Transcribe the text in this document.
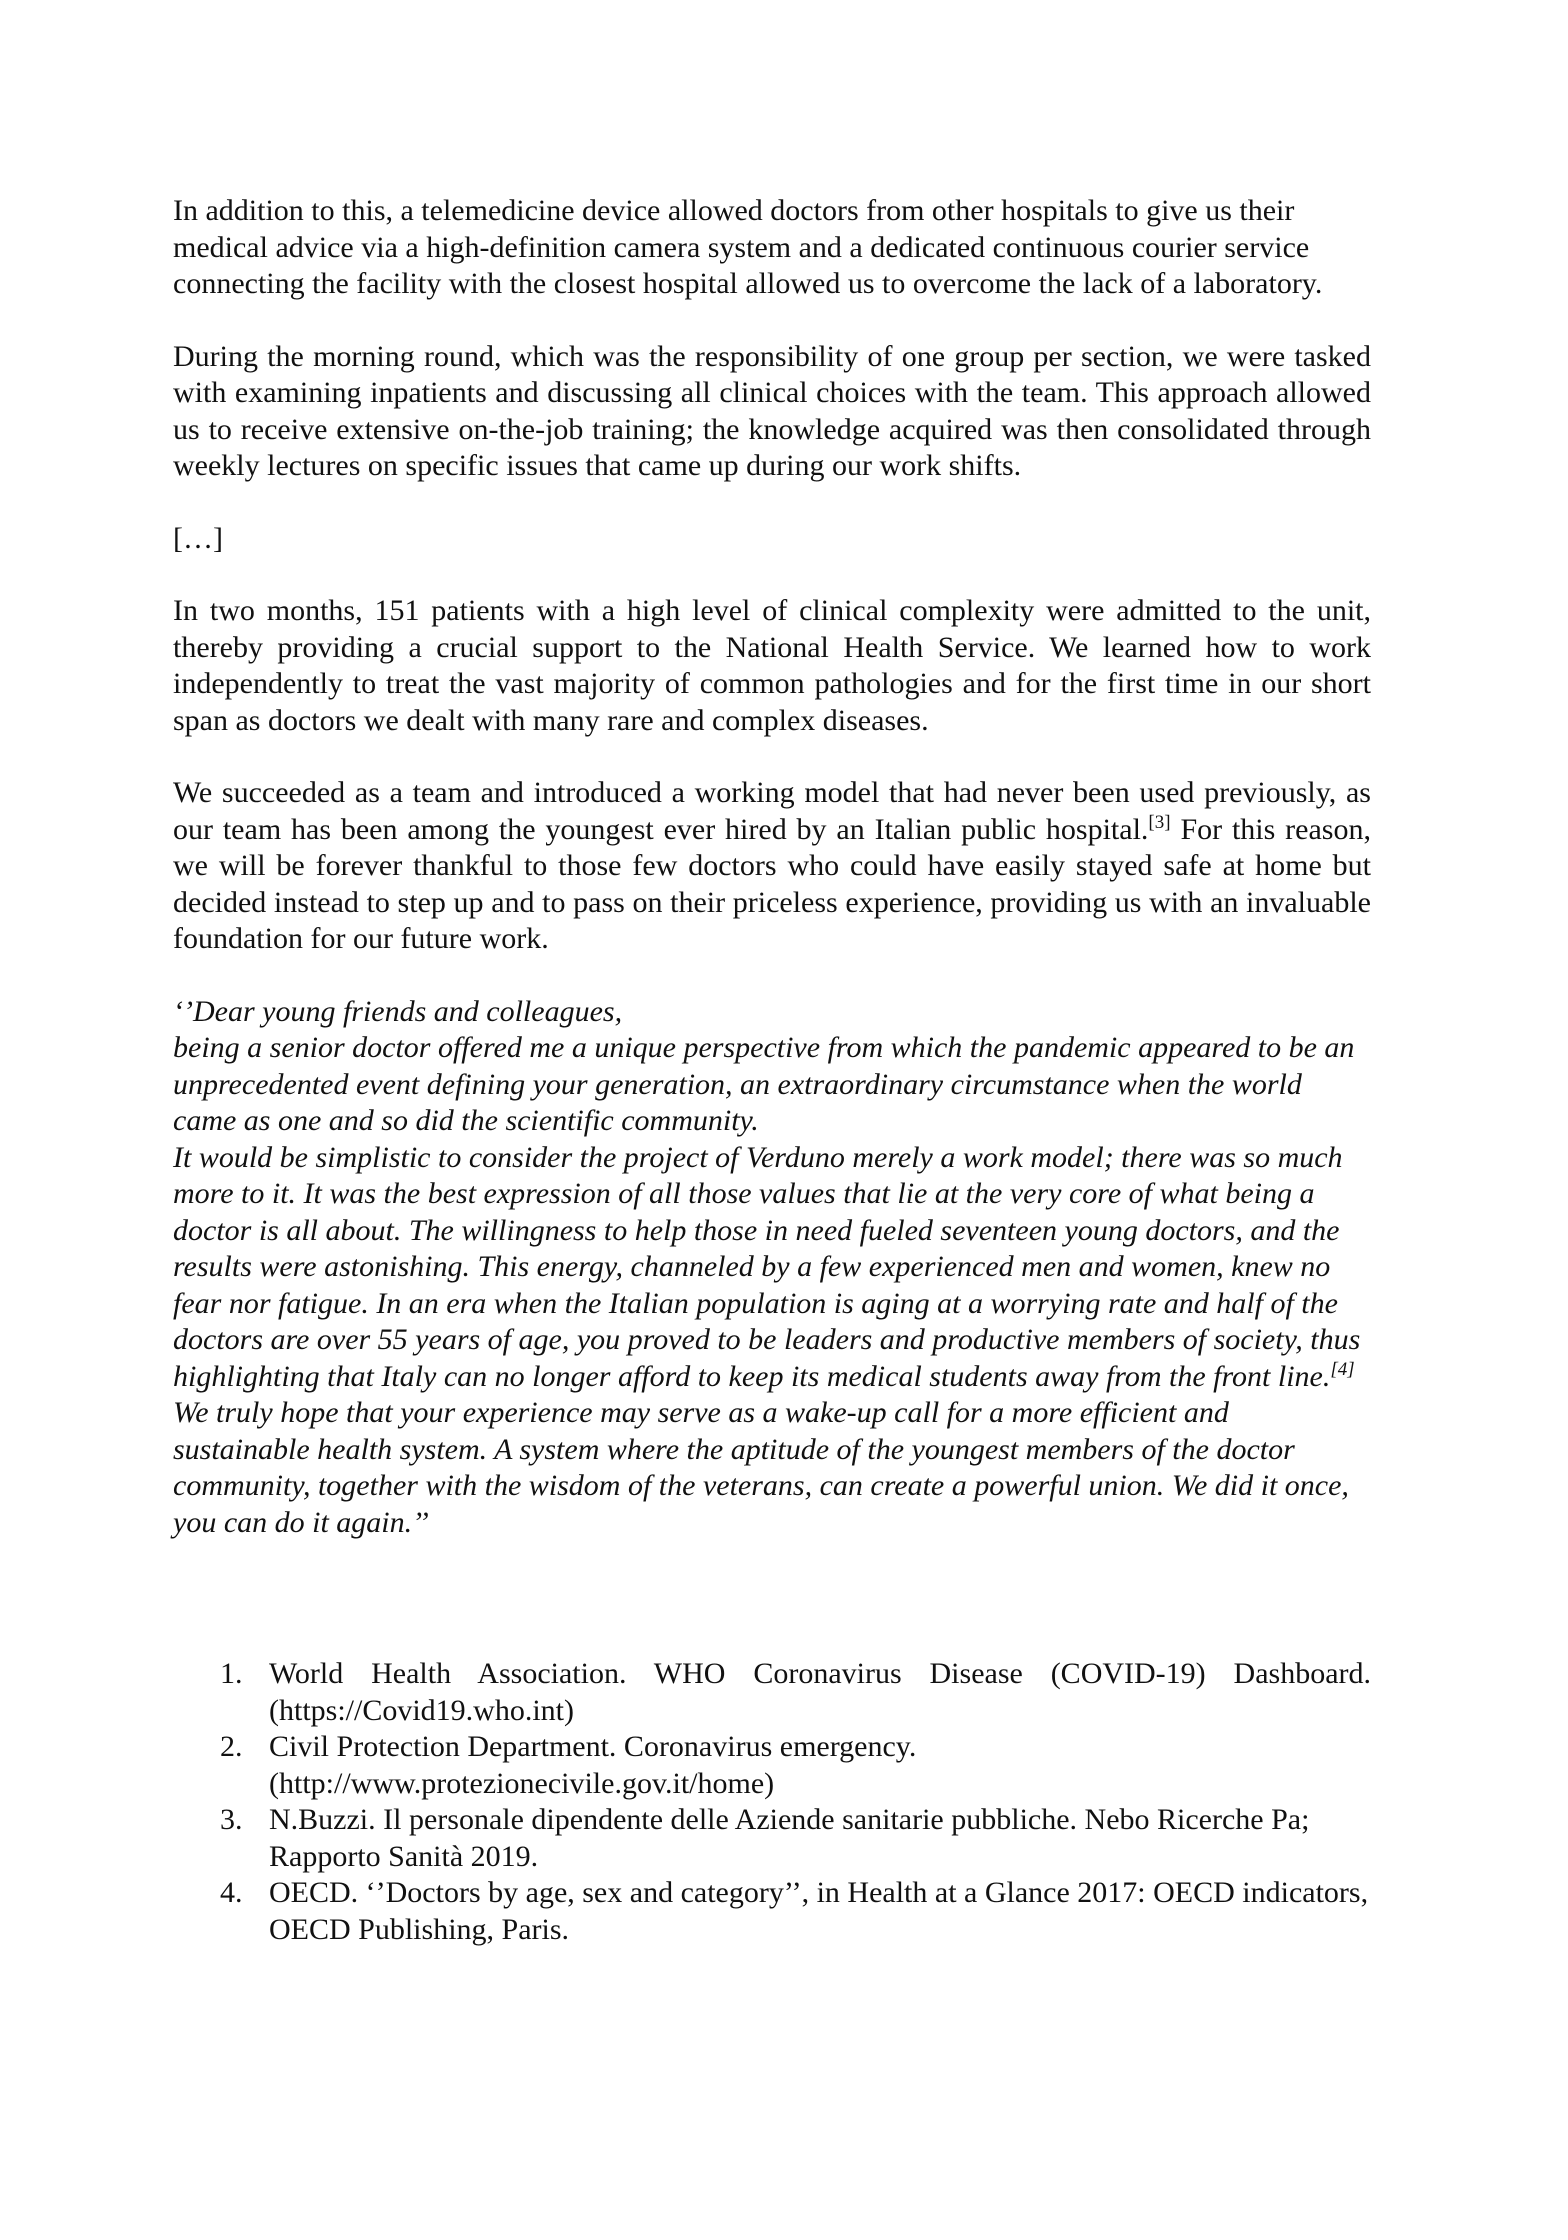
In addition to this, a telemedicine device allowed doctors from other hospitals to give us their medical advice via a high-definition camera system and a dedicated continuous courier service connecting the facility with the closest hospital allowed us to overcome the lack of a laboratory.

During the morning round, which was the responsibility of one group per section, we were tasked with examining inpatients and discussing all clinical choices with the team. This approach allowed us to receive extensive on-the-job training; the knowledge acquired was then consolidated through weekly lectures on specific issues that came up during our work shifts.

[…]

In two months, 151 patients with a high level of clinical complexity were admitted to the unit, thereby providing a crucial support to the National Health Service. We learned how to work independently to treat the vast majority of common pathologies and for the first time in our short span as doctors we dealt with many rare and complex diseases.

We succeeded as a team and introduced a working model that had never been used previously, as our team has been among the youngest ever hired by an Italian public hospital.[3] For this reason, we will be forever thankful to those few doctors who could have easily stayed safe at home but decided instead to step up and to pass on their priceless experience, providing us with an invaluable foundation for our future work.

‘’Dear young friends and colleagues,
being a senior doctor offered me a unique perspective from which the pandemic appeared to be an unprecedented event defining your generation, an extraordinary circumstance when the world came as one and so did the scientific community.
It would be simplistic to consider the project of Verduno merely a work model; there was so much more to it. It was the best expression of all those values that lie at the very core of what being a doctor is all about. The willingness to help those in need fueled seventeen young doctors, and the results were astonishing. This energy, channeled by a few experienced men and women, knew no fear nor fatigue. In an era when the Italian population is aging at a worrying rate and half of the doctors are over 55 years of age, you proved to be leaders and productive members of society, thus highlighting that Italy can no longer afford to keep its medical students away from the front line.[4] We truly hope that your experience may serve as a wake-up call for a more efficient and sustainable health system. A system where the aptitude of the youngest members of the doctor community, together with the wisdom of the veterans, can create a powerful union. We did it once, you can do it again.’’
1. World Health Association. WHO Coronavirus Disease (COVID-19) Dashboard. (https://Covid19.who.int)
2. Civil Protection Department. Coronavirus emergency. (http://www.protezionecivile.gov.it/home)
3. N.Buzzi. Il personale dipendente delle Aziende sanitarie pubbliche. Nebo Ricerche Pa; Rapporto Sanità 2019.
4. OECD. ‘’Doctors by age, sex and category’’, in Health at a Glance 2017: OECD indicators, OECD Publishing, Paris.
